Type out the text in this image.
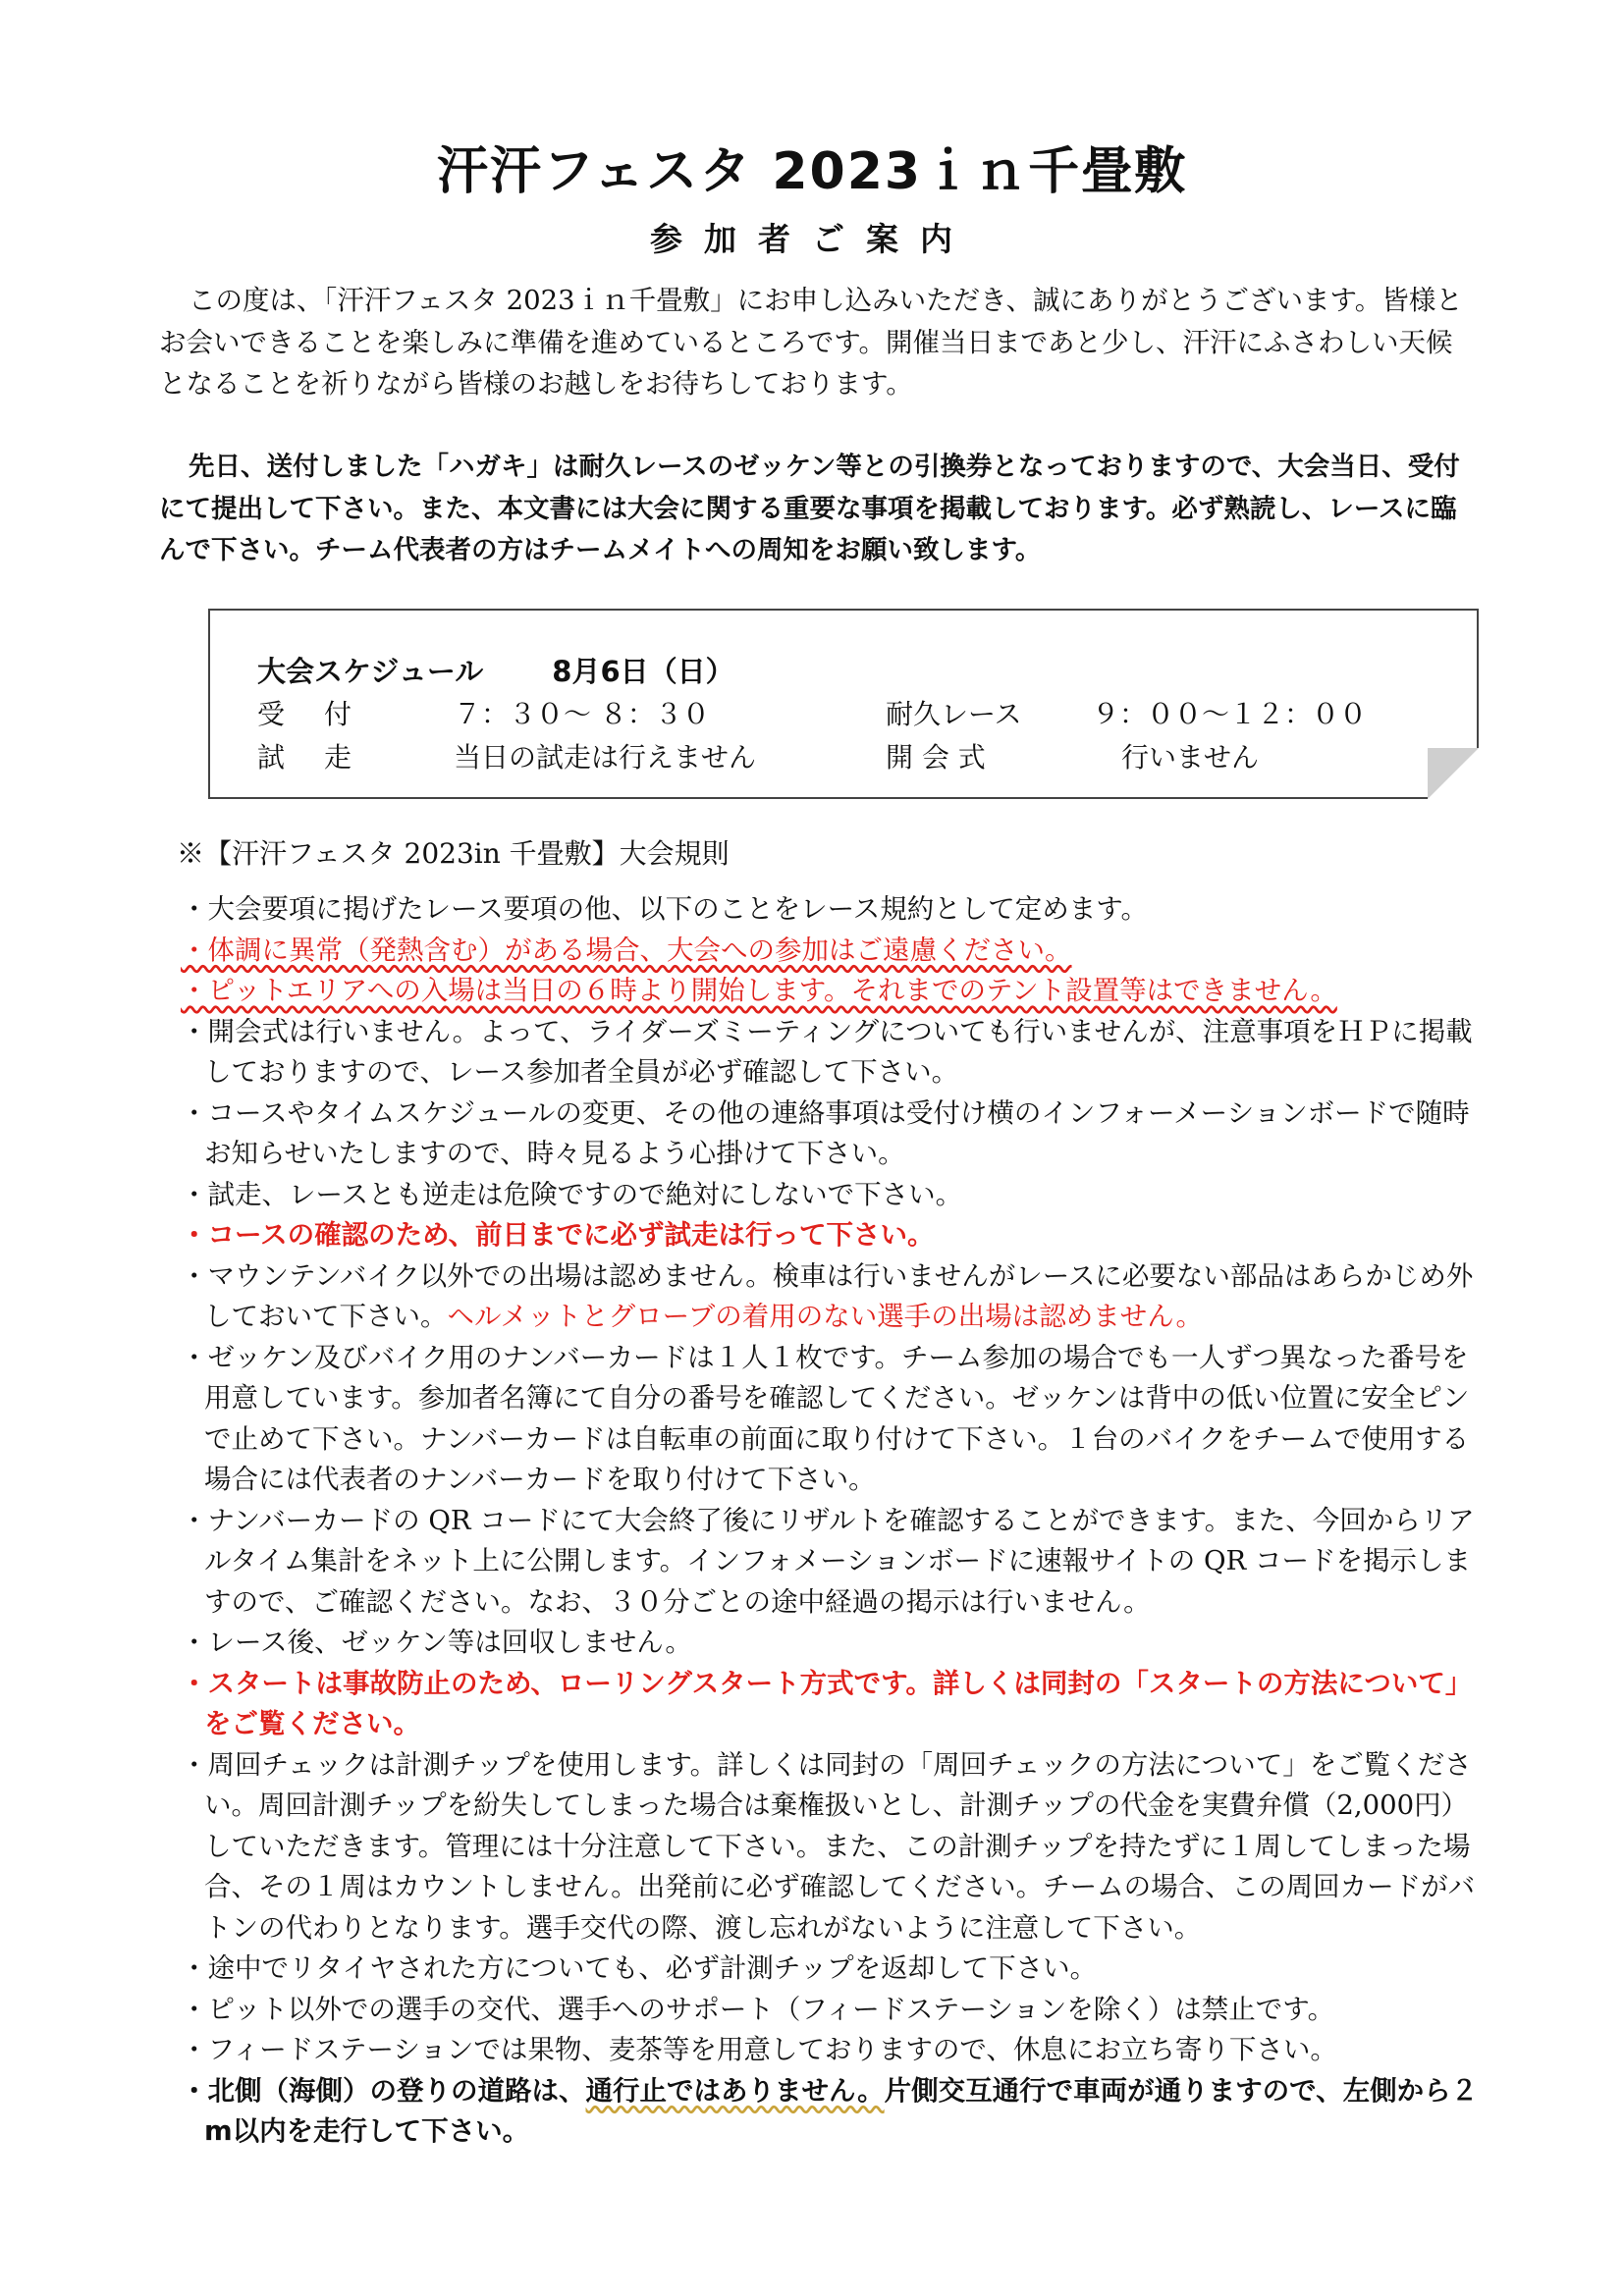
汗汗フェスタ 2023ｉｎ千畳敷
参加者ご案内

この度は、「汗汗フェスタ 2023ｉｎ千畳敷」にお申し込みいただき、誠にありがとうございます。皆様とお会いできることを楽しみに準備を進めているところです。開催当日まであと少し、汗汗にふさわしい天候となることを祈りながら皆様のお越しをお待ちしております。

先日、送付しました「ハガキ」は耐久レースのゼッケン等との引換券となっておりますので、大会当日、受付にて提出して下さい。また、本文書には大会に関する重要な事項を掲載しております。必ず熟読し、レースに臨んで下さい。チーム代表者の方はチームメイトへの周知をお願い致します。

大会スケジュール 8月6日（日）

受付 ７：３０～ ８：３０	耐久レース	９：００～１２：００

試走 当日の試走は行えません	開 会 式	行いません

※【汗汗フェスタ 2023in 千畳敷】大会規則

・大会要項に掲げたレース要項の他、以下のことをレース規約として定めます。
・体調に異常（発熱含む）がある場合、大会への参加はご遠慮ください。
・ピットエリアへの入場は当日の６時より開始します。それまでのテント設置等はできません。
・開会式は行いません。よって、ライダーズミーティングについても行いませんが、注意事項をＨＰに掲載しておりますので、レース参加者全員が必ず確認して下さい。
・コースやタイムスケジュールの変更、その他の連絡事項は受付け横のインフォーメーションボードで随時お知らせいたしますので、時々見るよう心掛けて下さい。
・試走、レースとも逆走は危険ですので絶対にしないで下さい。
・コースの確認のため、前日までに必ず試走は行って下さい。
・マウンテンバイク以外での出場は認めません。検車は行いませんがレースに必要ない部品はあらかじめ外しておいて下さい。ヘルメットとグローブの着用のない選手の出場は認めません。
・ゼッケン及びバイク用のナンバーカードは１人１枚です。チーム参加の場合でも一人ずつ異なった番号を用意しています。参加者名簿にて自分の番号を確認してください。ゼッケンは背中の低い位置に安全ピンで止めて下さい。ナンバーカードは自転車の前面に取り付けて下さい。１台のバイクをチームで使用する場合には代表者のナンバーカードを取り付けて下さい。
・ナンバーカードの QR コードにて大会終了後にリザルトを確認することができます。また、今回からリアルタイム集計をネット上に公開します。インフォメーションボードに速報サイトの QR コードを掲示しますので、ご確認ください。なお、３０分ごとの途中経過の掲示は行いません。
・レース後、ゼッケン等は回収しません。
・スタートは事故防止のため、ローリングスタート方式です。詳しくは同封の「スタートの方法について」をご覧ください。
・周回チェックは計測チップを使用します。詳しくは同封の「周回チェックの方法について」をご覧ください。周回計測チップを紛失してしまった場合は棄権扱いとし、計測チップの代金を実費弁償（2,000円）していただきます。管理には十分注意して下さい。また、この計測チップを持たずに１周してしまった場合、その１周はカウントしません。出発前に必ず確認してください。チームの場合、この周回カードがバトンの代わりとなります。選手交代の際、渡し忘れがないように注意して下さい。
・途中でリタイヤされた方についても、必ず計測チップを返却して下さい。
・ピット以外での選手の交代、選手へのサポート（フィードステーションを除く）は禁止です。
・フィードステーションでは果物、麦茶等を用意しておりますので、休息にお立ち寄り下さい。
・北側（海側）の登りの道路は、通行止ではありません。片側交互通行で車両が通りますので、左側から２m以内を走行して下さい。
